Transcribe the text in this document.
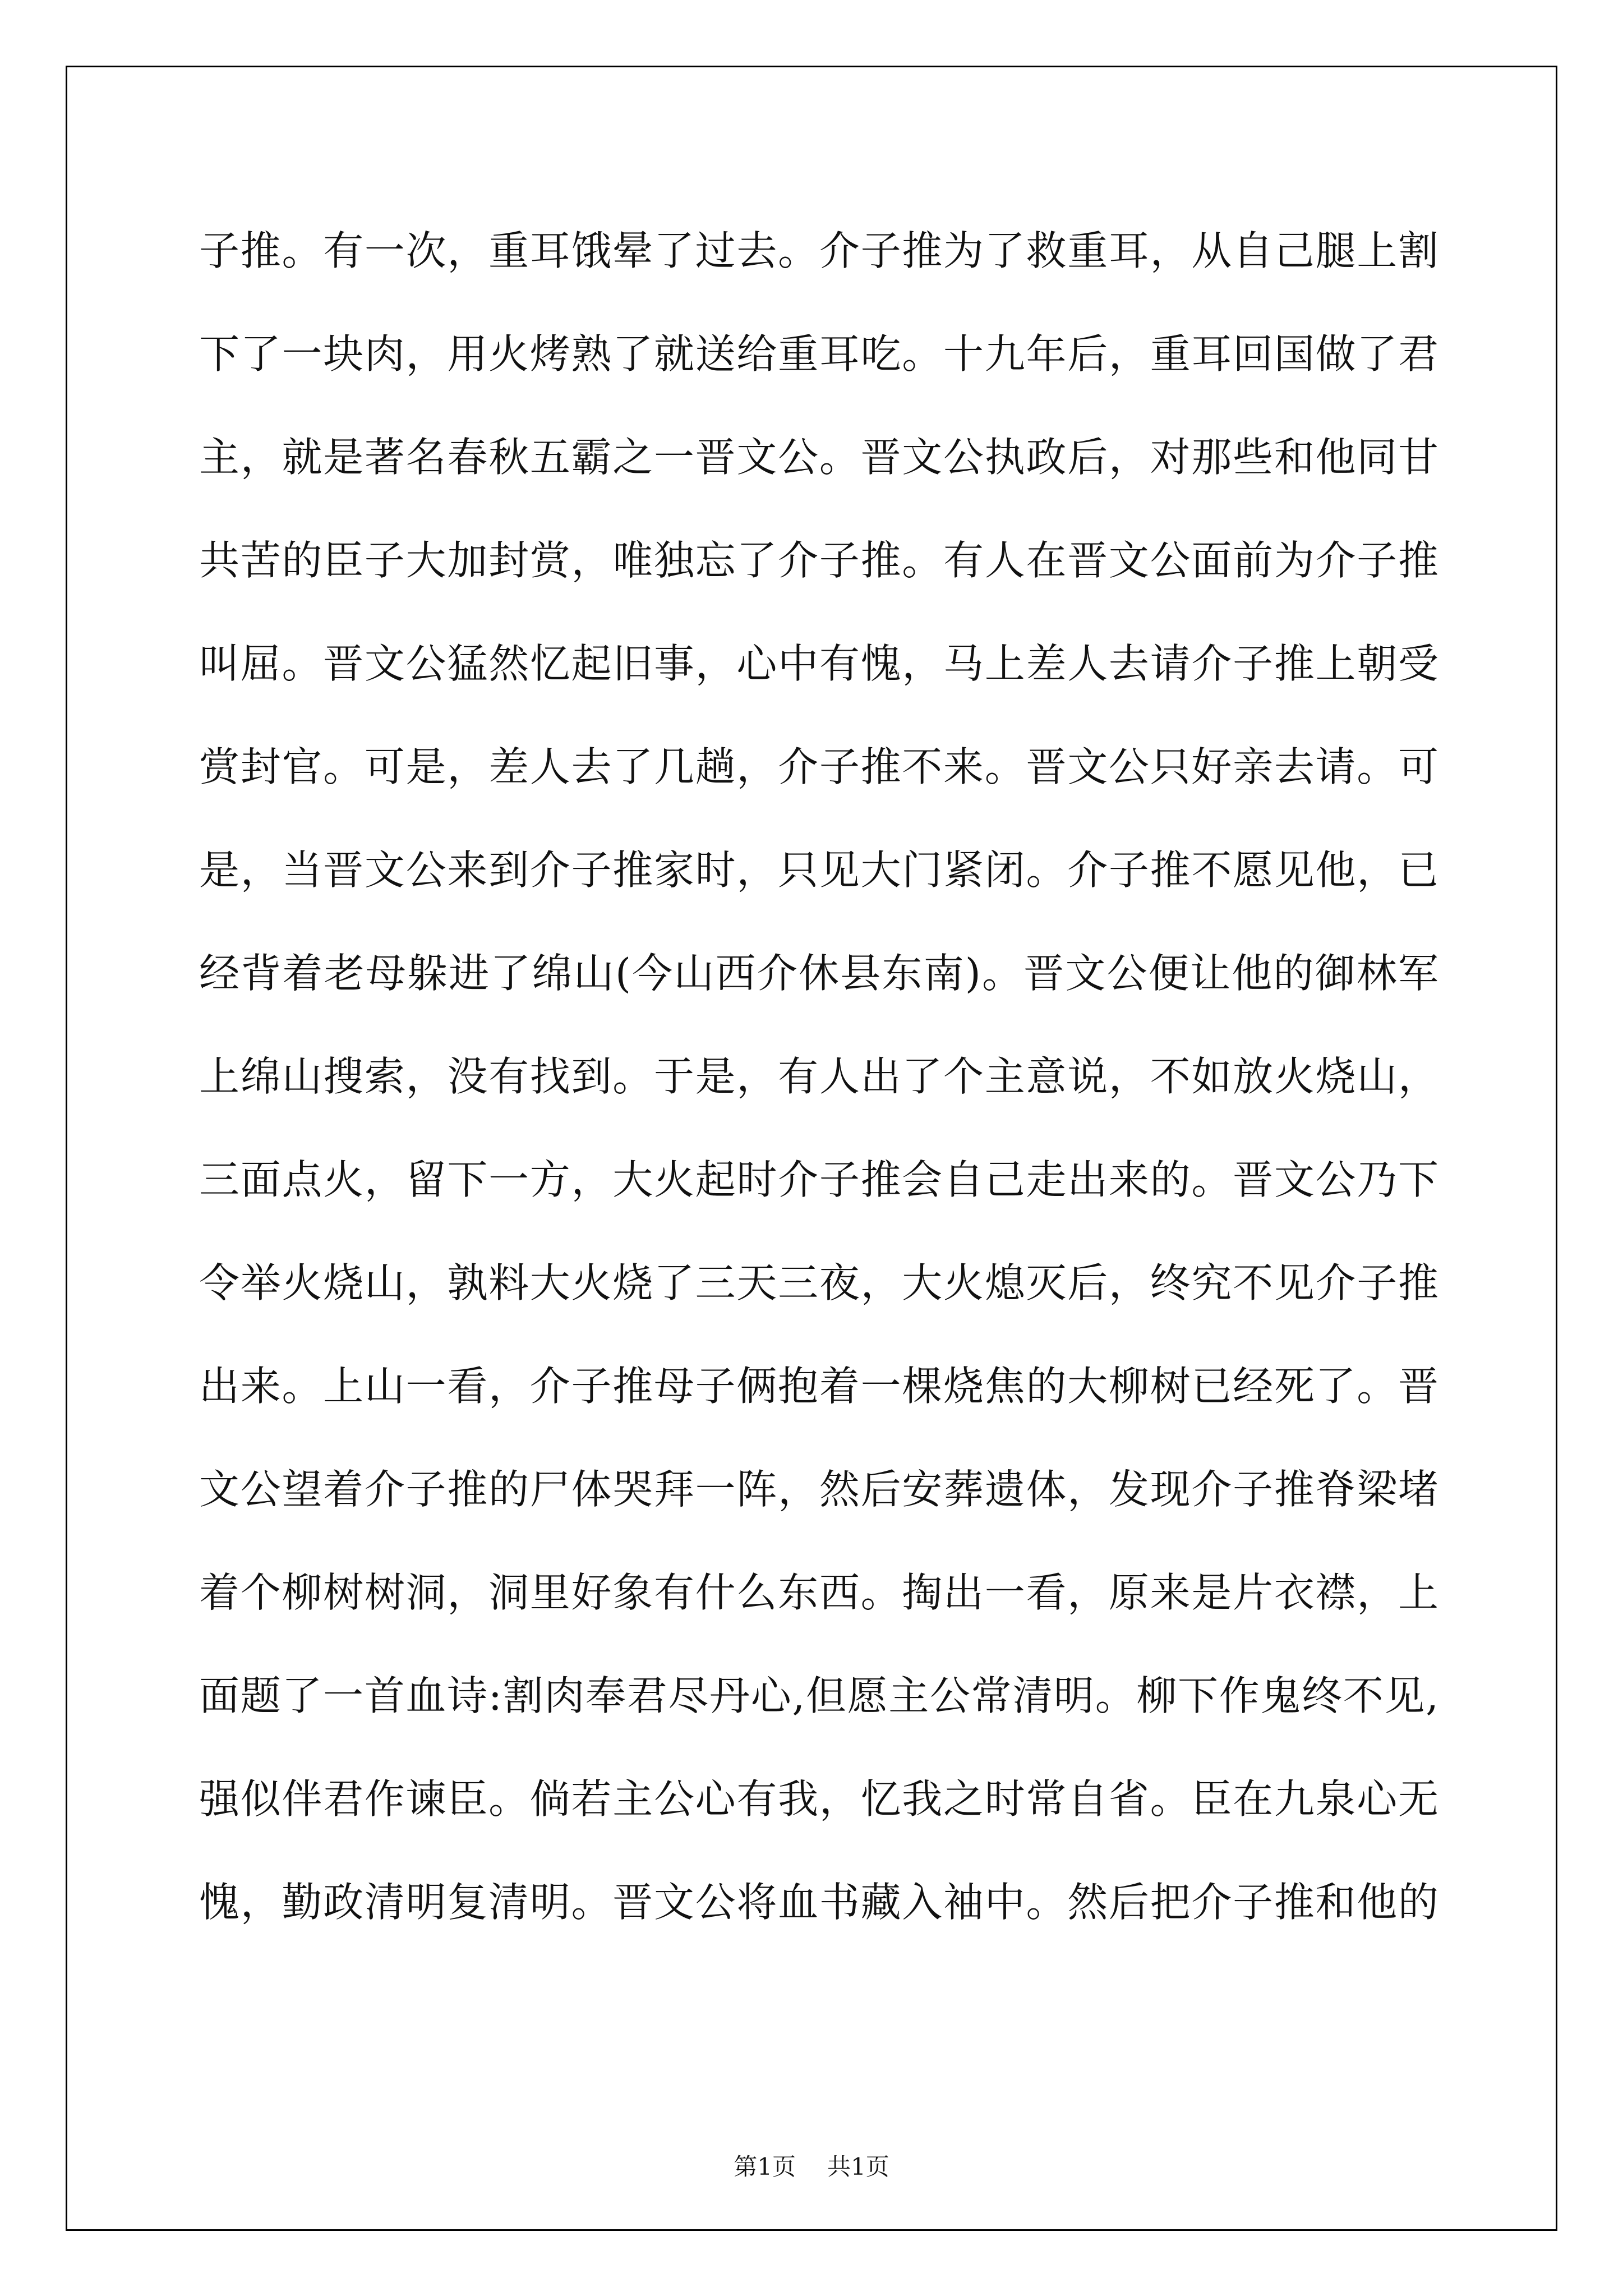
子推。有一次，重耳饿晕了过去。介子推为了救重耳，从自己腿上割
下了一块肉，用火烤熟了就送给重耳吃。十九年后，重耳回国做了君
主，就是著名春秋五霸之一晋文公。晋文公执政后，对那些和他同甘
共苦的臣子大加封赏，唯独忘了介子推。有人在晋文公面前为介子推
叫屈。晋文公猛然忆起旧事，心中有愧，马上差人去请介子推上朝受
赏封官。可是，差人去了几趟，介子推不来。晋文公只好亲去请。可
是，当晋文公来到介子推家时，只见大门紧闭。介子推不愿见他，已
经背着老母躲进了绵山(今山西介休县东南)。晋文公便让他的御林军
上绵山搜索，没有找到。于是，有人出了个主意说，不如放火烧山，
三面点火，留下一方，大火起时介子推会自己走出来的。晋文公乃下
令举火烧山，孰料大火烧了三天三夜，大火熄灭后，终究不见介子推
出来。上山一看，介子推母子俩抱着一棵烧焦的大柳树已经死了。晋
文公望着介子推的尸体哭拜一阵，然后安葬遗体，发现介子推脊梁堵
着个柳树树洞，洞里好象有什么东西。掏出一看，原来是片衣襟，上
面题了一首血诗:割肉奉君尽丹心,但愿主公常清明。柳下作鬼终不见,
强似伴君作谏臣。倘若主公心有我，忆我之时常自省。臣在九泉心无
愧，勤政清明复清明。晋文公将血书藏入袖中。然后把介子推和他的
第1页 共1页
